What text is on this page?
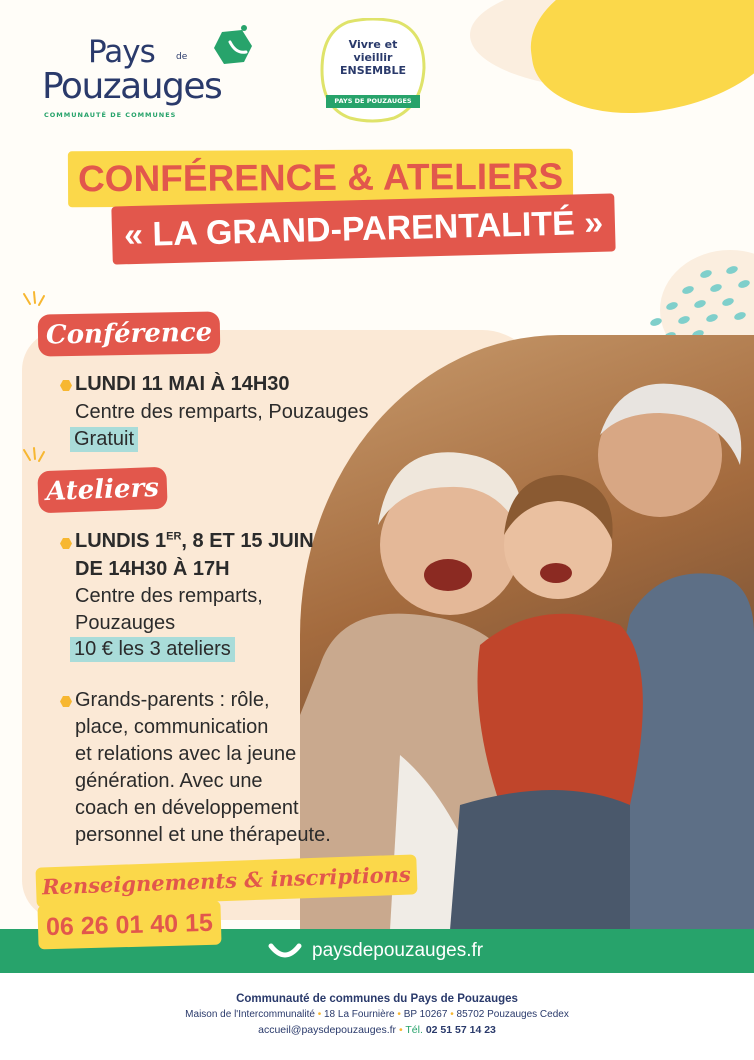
Pays de
Pouzauges
COMMUNAUTÉ DE COMMUNES
Vivre et
vieillir
ENSEMBLE
PAYS DE POUZAUGES
CONFÉRENCE & ATELIERS
« LA GRAND-PARENTALITÉ »
Conférence
LUNDI 11 MAI À 14H30
Centre des remparts, Pouzauges
Gratuit
Ateliers
LUNDIS 1ER, 8 ET 15 JUIN
DE 14H30 À 17H
Centre des remparts,
Pouzauges
10 € les 3 ateliers
Grands-parents : rôle,
place, communication
et relations avec la jeune
génération. Avec une
coach en développement
personnel et une thérapeute.
Renseignements & inscriptions
06 26 01 40 15
paysdepouzauges.fr
Communauté de communes du Pays de Pouzauges
Maison de l'Intercommunalité • 18 La Fournière • BP 10267 • 85702 Pouzauges Cedex
accueil@paysdepouzauges.fr • Tél. 02 51 57 14 23
